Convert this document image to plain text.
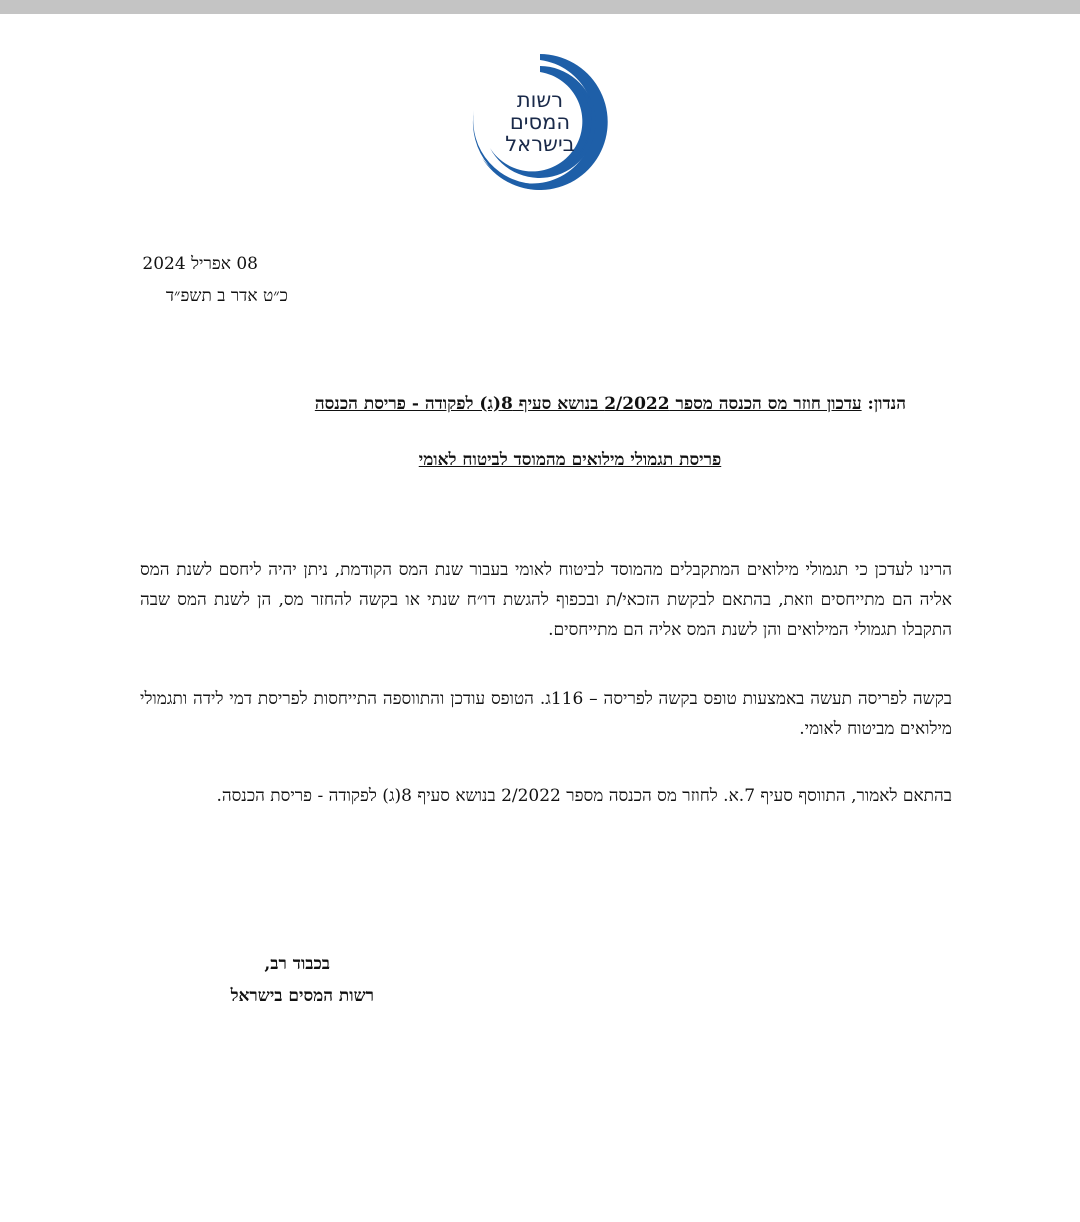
רשות
המסים
בישראל
08 אפריל 2024
כ״ט אדר ב תשפ״ד
הנדון: עדכון חוזר מס הכנסה מספר 2/2022 בנושא סעיף 8(ג) לפקודה - פריסת הכנסה
פריסת תגמולי מילואים מהמוסד לביטוח לאומי
הרינו לעדכן כי תגמולי מילואים המתקבלים מהמוסד לביטוח לאומי בעבור שנת המס הקודמת, ניתן יהיה ליחסם לשנת המס אליה הם מתייחסים וזאת, בהתאם לבקשת הזכאי/ת ובכפוף להגשת דו״ח שנתי או בקשה להחזר מס, הן לשנת המס שבה התקבלו תגמולי המילואים והן לשנת המס אליה הם מתייחסים.
בקשה לפריסה תעשה באמצעות טופס בקשה לפריסה – 116ג. הטופס עודכן והתווספה התייחסות לפריסת דמי לידה ותגמולי מילואים מביטוח לאומי.
בהתאם לאמור, התווסף סעיף 7.א. לחוזר מס הכנסה מספר 2/2022 בנושא סעיף 8(ג) לפקודה - פריסת הכנסה.
בכבוד רב,
רשות המסים בישראל
